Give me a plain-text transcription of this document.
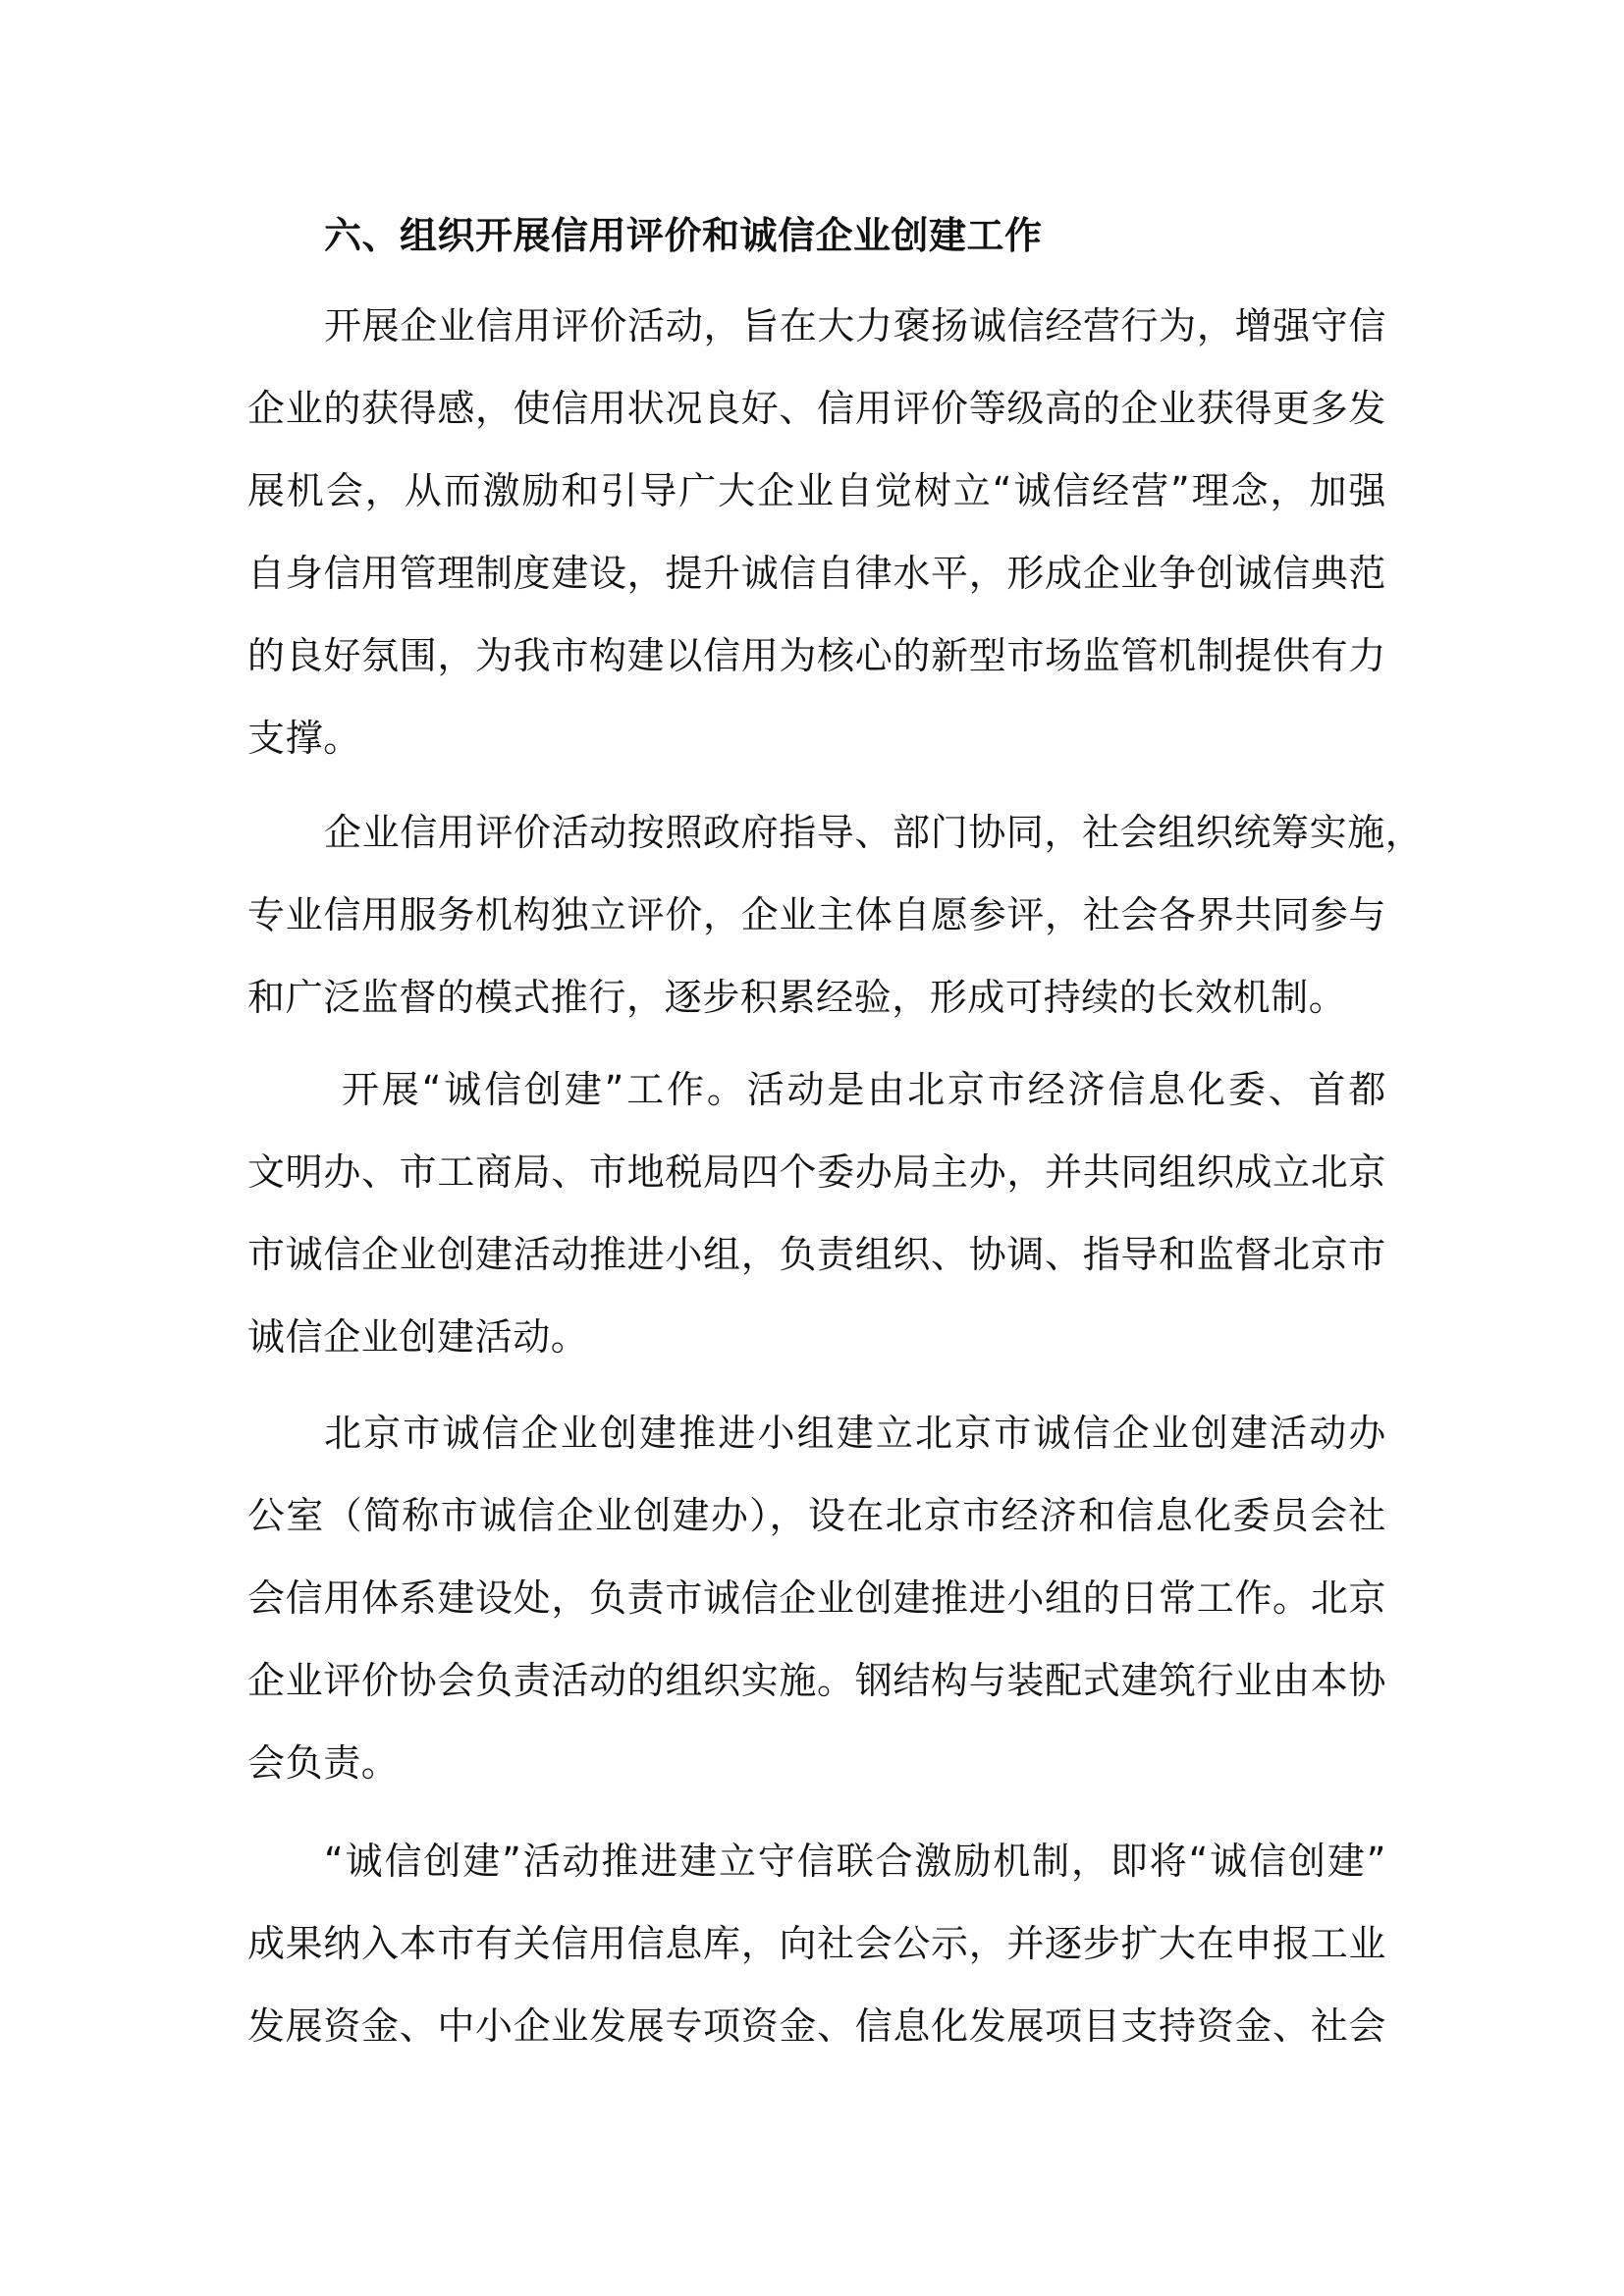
六、组织开展信用评价和诚信企业创建工作
开展企业信用评价活动，旨在大力褒扬诚信经营行为，增强守信
企业的获得感，使信用状况良好、信用评价等级高的企业获得更多发
展机会，从而激励和引导广大企业自觉树立“诚信经营”理念，加强
自身信用管理制度建设，提升诚信自律水平，形成企业争创诚信典范
的良好氛围，为我市构建以信用为核心的新型市场监管机制提供有力
支撑。
企业信用评价活动按照政府指导、部门协同，社会组织统筹实施，
专业信用服务机构独立评价，企业主体自愿参评，社会各界共同参与
和广泛监督的模式推行，逐步积累经验，形成可持续的长效机制。
开展“诚信创建”工作。活动是由北京市经济信息化委、首都
文明办、市工商局、市地税局四个委办局主办，并共同组织成立北京
市诚信企业创建活动推进小组，负责组织、协调、指导和监督北京市
诚信企业创建活动。
北京市诚信企业创建推进小组建立北京市诚信企业创建活动办
公室（简称市诚信企业创建办），设在北京市经济和信息化委员会社
会信用体系建设处，负责市诚信企业创建推进小组的日常工作。北京
企业评价协会负责活动的组织实施。钢结构与装配式建筑行业由本协
会负责。
“诚信创建”活动推进建立守信联合激励机制，即将“诚信创建”
成果纳入本市有关信用信息库，向社会公示，并逐步扩大在申报工业
发展资金、中小企业发展专项资金、信息化发展项目支持资金、社会
